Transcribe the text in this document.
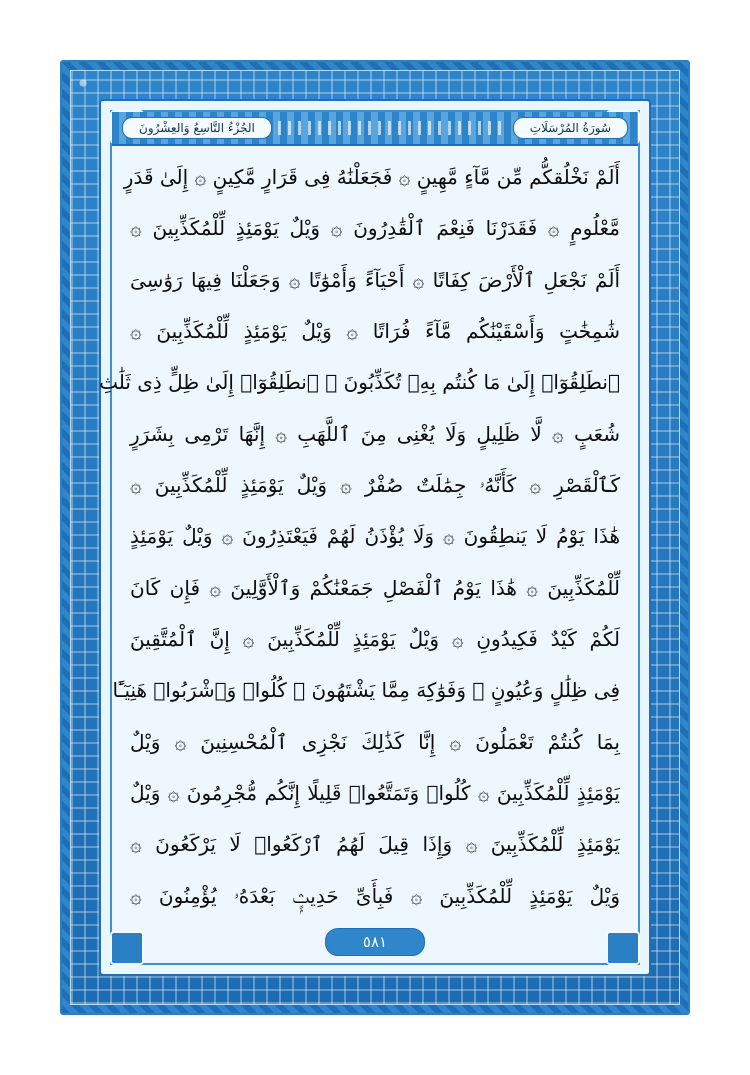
سُورَةُ المُرْسَلَاتِ
الجُزْءُ التَّاسِعُ وَالعِشْرُونَ
أَلَمْ نَخْلُقكُّم مِّن مَّآءٍ مَّهِينٍ ۞ فَجَعَلْنَٰهُ فِى قَرَارٍ مَّكِينٍ ۞ إِلَىٰ قَدَرٍ
مَّعْلُومٍ ۞ فَقَدَرْنَا فَنِعْمَ ٱلْقَٰدِرُونَ ۞ وَيْلٌ يَوْمَئِذٍ لِّلْمُكَذِّبِينَ ۞
أَلَمْ نَجْعَلِ ٱلْأَرْضَ كِفَاتًا ۞ أَحْيَآءً وَأَمْوَٰتًا ۞ وَجَعَلْنَا فِيهَا رَوَٰسِىَ
شَٰمِخَٰتٍ وَأَسْقَيْنَٰكُم مَّآءً فُرَاتًا ۞ وَيْلٌ يَوْمَئِذٍ لِّلْمُكَذِّبِينَ ۞
ٱنطَلِقُوٓا۟ إِلَىٰ مَا كُنتُم بِهِۦ تُكَذِّبُونَ ۞ ٱنطَلِقُوٓا۟ إِلَىٰ ظِلٍّ ذِى ثَلَٰثِ
شُعَبٍ ۞ لَّا ظَلِيلٍ وَلَا يُغْنِى مِنَ ٱللَّهَبِ ۞ إِنَّهَا تَرْمِى بِشَرَرٍ
كَٱلْقَصْرِ ۞ كَأَنَّهُۥ جِمَٰلَتٌ صُفْرٌ ۞ وَيْلٌ يَوْمَئِذٍ لِّلْمُكَذِّبِينَ ۞
هَٰذَا يَوْمُ لَا يَنطِقُونَ ۞ وَلَا يُؤْذَنُ لَهُمْ فَيَعْتَذِرُونَ ۞ وَيْلٌ يَوْمَئِذٍ
لِّلْمُكَذِّبِينَ ۞ هَٰذَا يَوْمُ ٱلْفَصْلِ جَمَعْنَٰكُمْ وَٱلْأَوَّلِينَ ۞ فَإِن كَانَ
لَكُمْ كَيْدٌ فَكِيدُونِ ۞ وَيْلٌ يَوْمَئِذٍ لِّلْمُكَذِّبِينَ ۞ إِنَّ ٱلْمُتَّقِينَ
فِى ظِلَٰلٍ وَعُيُونٍ ۞ وَفَوَٰكِهَ مِمَّا يَشْتَهُونَ ۞ كُلُوا۟ وَٱشْرَبُوا۟ هَنِيٓـًٔا
بِمَا كُنتُمْ تَعْمَلُونَ ۞ إِنَّا كَذَٰلِكَ نَجْزِى ٱلْمُحْسِنِينَ ۞ وَيْلٌ
يَوْمَئِذٍ لِّلْمُكَذِّبِينَ ۞ كُلُوا۟ وَتَمَتَّعُوا۟ قَلِيلًا إِنَّكُم مُّجْرِمُونَ ۞ وَيْلٌ
يَوْمَئِذٍ لِّلْمُكَذِّبِينَ ۞ وَإِذَا قِيلَ لَهُمُ ٱرْكَعُوا۟ لَا يَرْكَعُونَ ۞
وَيْلٌ يَوْمَئِذٍ لِّلْمُكَذِّبِينَ ۞ فَبِأَىِّ حَدِيثٍۭ بَعْدَهُۥ يُؤْمِنُونَ ۞
٥٨١
